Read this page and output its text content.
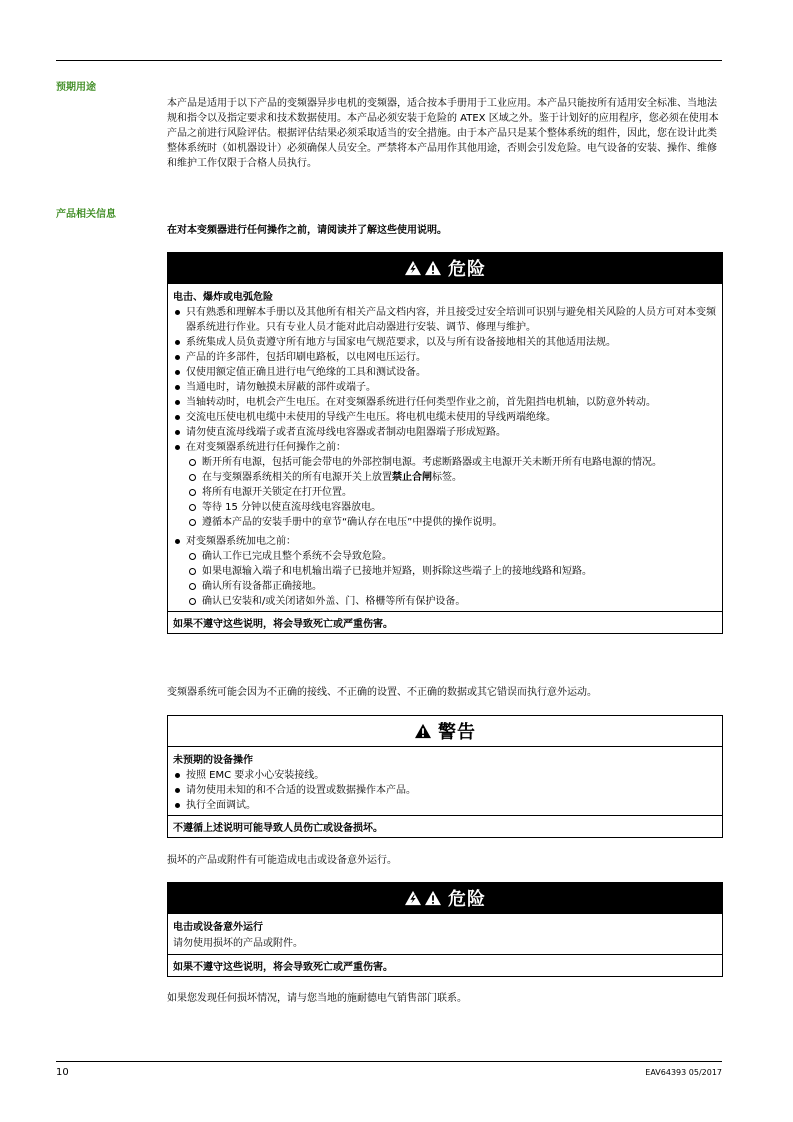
预期用途

本产品是适用于以下产品的变频器异步电机的变频器，适合按本手册用于工业应用。本产品只能按所有适用安全标准、当地法规和指令以及指定要求和技术数据使用。本产品必须安装于危险的 ATEX 区域之外。鉴于计划好的应用程序，您必须在使用本产品之前进行风险评估。根据评估结果必须采取适当的安全措施。由于本产品只是某个整体系统的组件，因此，您在设计此类整体系统时（如机器设计）必须确保人员安全。严禁将本产品用作其他用途，否则会引发危险。电气设备的安装、操作、维修和维护工作仅限于合格人员执行。

产品相关信息

在对本变频器进行任何操作之前，请阅读并了解这些使用说明。

危险
电击、爆炸或电弧危险
只有熟悉和理解本手册以及其他所有相关产品文档内容，并且接受过安全培训可识别与避免相关风险的人员方可对本变频器系统进行作业。只有专业人员才能对此启动器进行安装、调节、修理与维护。
系统集成人员负责遵守所有地方与国家电气规范要求，以及与所有设备接地相关的其他适用法规。
产品的许多部件，包括印刷电路板，以电网电压运行。
仅使用额定值正确且进行电气绝缘的工具和测试设备。
当通电时，请勿触摸未屏蔽的部件或端子。
当轴转动时，电机会产生电压。在对变频器系统进行任何类型作业之前，首先阻挡电机轴，以防意外转动。
交流电压使电机电缆中未使用的导线产生电压。将电机电缆未使用的导线两端绝缘。
请勿使直流母线端子或者直流母线电容器或者制动电阻器端子形成短路。
在对变频器系统进行任何操作之前：
断开所有电源，包括可能会带电的外部控制电源。考虑断路器或主电源开关未断开所有电路电源的情况。
在与变频器系统相关的所有电源开关上放置禁止合闸标签。
将所有电源开关锁定在打开位置。
等待 15 分钟以使直流母线电容器放电。
遵循本产品的安装手册中的章节“确认存在电压”中提供的操作说明。
对变频器系统加电之前：
确认工作已完成且整个系统不会导致危险。
如果电源输入端子和电机输出端子已接地并短路，则拆除这些端子上的接地线路和短路。
确认所有设备都正确接地。
确认已安装和/或关闭诸如外盖、门、格栅等所有保护设备。
如果不遵守这些说明，将会导致死亡或严重伤害。

变频器系统可能会因为不正确的接线、不正确的设置、不正确的数据或其它错误而执行意外运动。

警告
未预期的设备操作
按照 EMC 要求小心安装接线。
请勿使用未知的和不合适的设置或数据操作本产品。
执行全面调试。
不遵循上述说明可能导致人员伤亡或设备损坏。

损坏的产品或附件有可能造成电击或设备意外运行。

危险
电击或设备意外运行
请勿使用损坏的产品或附件。
如果不遵守这些说明，将会导致死亡或严重伤害。

如果您发现任何损坏情况，请与您当地的施耐德电气销售部门联系。

10	EAV64393 05/2017
